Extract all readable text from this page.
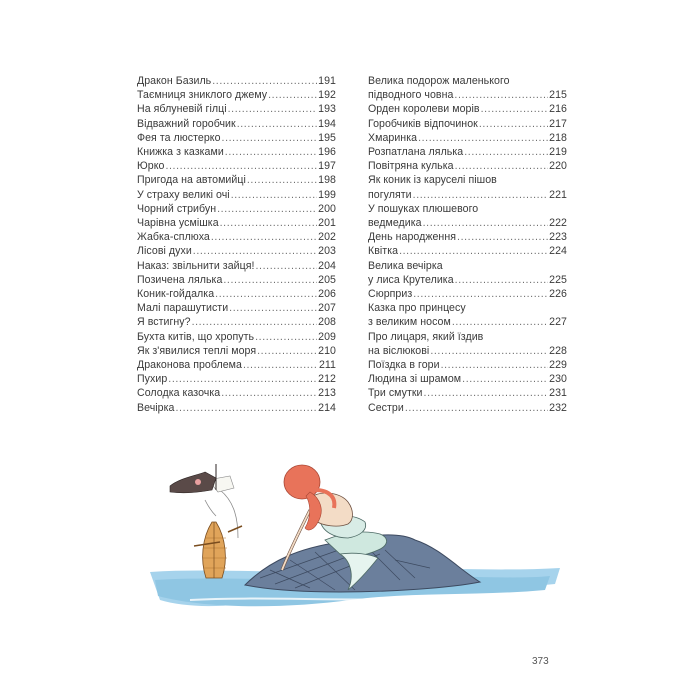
Дракон Базиль .....	191
Таємниця зниклого джему .....	192
На яблуневій гілці .....	193
Відважний горобчик .....	194
Фея та люстерко .....	195
Книжка з казками .....	196
Юрко .....	197
Пригода на автомийці .....	198
У страху великі очі .....	199
Чорний стрибун .....	200
Чарівна усмішка .....	201
Жабка-сплюха .....	202
Лісові духи .....	203
Наказ: звільнити зайця! .....	204
Позичена лялька .....	205
Коник-гойдалка .....	206
Малі парашутисти .....	207
Я встигну? .....	208
Бухта китів, що хропуть .....	209
Як з'явилися теплі моря .....	210
Драконова проблема .....	211
Пухир .....	212
Солодка казочка .....	213
Вечірка .....	214
Велика подорож маленького
підводного човна .....	215
Орден королеви морів .....	216
Горобчиків відпочинок .....	217
Хмаринка .....	218
Розпатлана лялька .....	219
Повітряна кулька .....	220
Як коник із каруселі пішов
погуляти .....	221
У пошуках плюшевого
ведмедика .....	222
День народження .....	223
Квітка .....	224
Велика вечірка
у лиса Крутелика .....	225
Сюрприз .....	226
Казка про принцесу
з великим носом .....	227
Про лицаря, який їздив
на віслюкові .....	228
Поїздка в гори .....	229
Людина зі шрамом .....	230
Три смутки .....	231
Сестри .....	232
373
